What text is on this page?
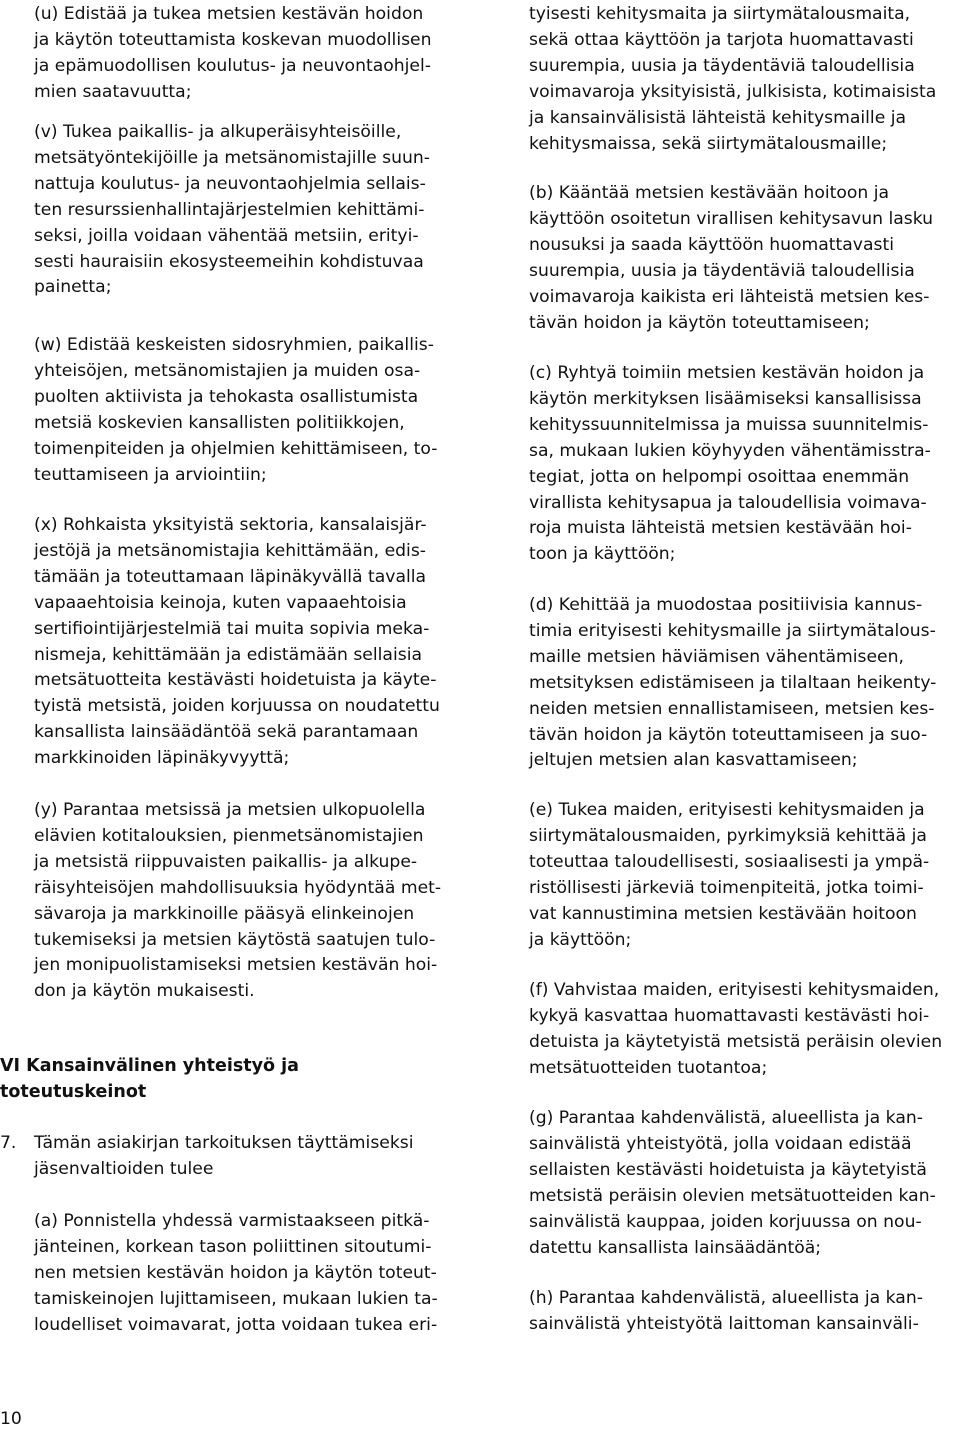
(u) Edistää ja tukea metsien kestävän hoidon
ja käytön toteuttamista koskevan muodollisen
ja epämuodollisen koulutus- ja neuvontaohjel-
mien saatavuutta;

(v) Tukea paikallis- ja alkuperäisyhteisöille,
metsätyöntekijöille ja metsänomistajille suun-
nattuja koulutus- ja neuvontaohjelmia sellais-
ten resurssienhallintajärjestelmien kehittämi-
seksi, joilla voidaan vähentää metsiin, erityi-
sesti hauraisiin ekosysteemeihin kohdistuvaa
painetta;

(w) Edistää keskeisten sidosryhmien, paikallis-
yhteisöjen, metsänomistajien ja muiden osa-
puolten aktiivista ja tehokasta osallistumista
metsiä koskevien kansallisten politiikkojen,
toimenpiteiden ja ohjelmien kehittämiseen, to-
teuttamiseen ja arviointiin;

(x) Rohkaista yksityistä sektoria, kansalaisjär-
jestöjä ja metsänomistajia kehittämään, edis-
tämään ja toteuttamaan läpinäkyvällä tavalla
vapaaehtoisia keinoja, kuten vapaaehtoisia
sertifiointijärjestelmiä tai muita sopivia meka-
nismeja, kehittämään ja edistämään sellaisia
metsätuotteita kestävästi hoidetuista ja käyte-
tyistä metsistä, joiden korjuussa on noudatettu
kansallista lainsäädäntöä sekä parantamaan
markkinoiden läpinäkyvyyttä;

(y) Parantaa metsissä ja metsien ulkopuolella
elävien kotitalouksien, pienmetsänomistajien
ja metsistä riippuvaisten paikallis- ja alkupe-
räisyhteisöjen mahdollisuuksia hyödyntää met-
sävaroja ja markkinoille pääsyä elinkeinojen
tukemiseksi ja metsien käytöstä saatujen tulo-
jen monipuolistamiseksi metsien kestävän hoi-
don ja käytön mukaisesti.

(a) Ponnistella yhdessä varmistaakseen pitkä-
jänteinen, korkean tason poliittinen sitoutumi-
nen metsien kestävän hoidon ja käytön toteut-
tamiskeinojen lujittamiseen, mukaan lukien ta-
loudelliset voimavarat, jotta voidaan tukea eri-

VI Kansainvälinen yhteistyö ja
toteutuskeinot
7.	Tämän asiakirjan tarkoituksen täyttämiseksi
jäsenvaltioiden tulee

tyisesti kehitysmaita ja siirtymätalousmaita,
sekä ottaa käyttöön ja tarjota huomattavasti
suurempia, uusia ja täydentäviä taloudellisia
voimavaroja yksityisistä, julkisista, kotimaisista
ja kansainvälisistä lähteistä kehitysmaille ja
kehitysmaissa, sekä siirtymätalousmaille;

(b) Kääntää metsien kestävään hoitoon ja
käyttöön osoitetun virallisen kehitysavun lasku
nousuksi ja saada käyttöön huomattavasti
suurempia, uusia ja täydentäviä taloudellisia
voimavaroja kaikista eri lähteistä metsien kes-
tävän hoidon ja käytön toteuttamiseen;

(c) Ryhtyä toimiin metsien kestävän hoidon ja
käytön merkityksen lisäämiseksi kansallisissa
kehityssuunnitelmissa ja muissa suunnitelmis-
sa, mukaan lukien köyhyyden vähentämisstra-
tegiat, jotta on helpompi osoittaa enemmän
virallista kehitysapua ja taloudellisia voimava-
roja muista lähteistä metsien kestävään hoi-
toon ja käyttöön;

(d) Kehittää ja muodostaa positiivisia kannus-
timia erityisesti kehitysmaille ja siirtymätalous-
maille metsien häviämisen vähentämiseen,
metsityksen edistämiseen ja tilaltaan heikenty-
neiden metsien ennallistamiseen, metsien kes-
tävän hoidon ja käytön toteuttamiseen ja suo-
jeltujen metsien alan kasvattamiseen;

(e) Tukea maiden, erityisesti kehitysmaiden ja
siirtymätalousmaiden, pyrkimyksiä kehittää ja
toteuttaa taloudellisesti, sosiaalisesti ja ympä-
ristöllisesti järkeviä toimenpiteitä, jotka toimi-
vat kannustimina metsien kestävään hoitoon
ja käyttöön;

(f) Vahvistaa maiden, erityisesti kehitysmaiden,
kykyä kasvattaa huomattavasti kestävästi hoi-
detuista ja käytetyistä metsistä peräisin olevien
metsätuotteiden tuotantoa;

(g) Parantaa kahdenvälistä, alueellista ja kan-
sainvälistä yhteistyötä, jolla voidaan edistää
sellaisten kestävästi hoidetuista ja käytetyistä
metsistä peräisin olevien metsätuotteiden kan-
sainvälistä kauppaa, joiden korjuussa on nou-
datettu kansallista lainsäädäntöä;

(h) Parantaa kahdenvälistä, alueellista ja kan-
sainvälistä yhteistyötä laittoman kansainväli-

10
